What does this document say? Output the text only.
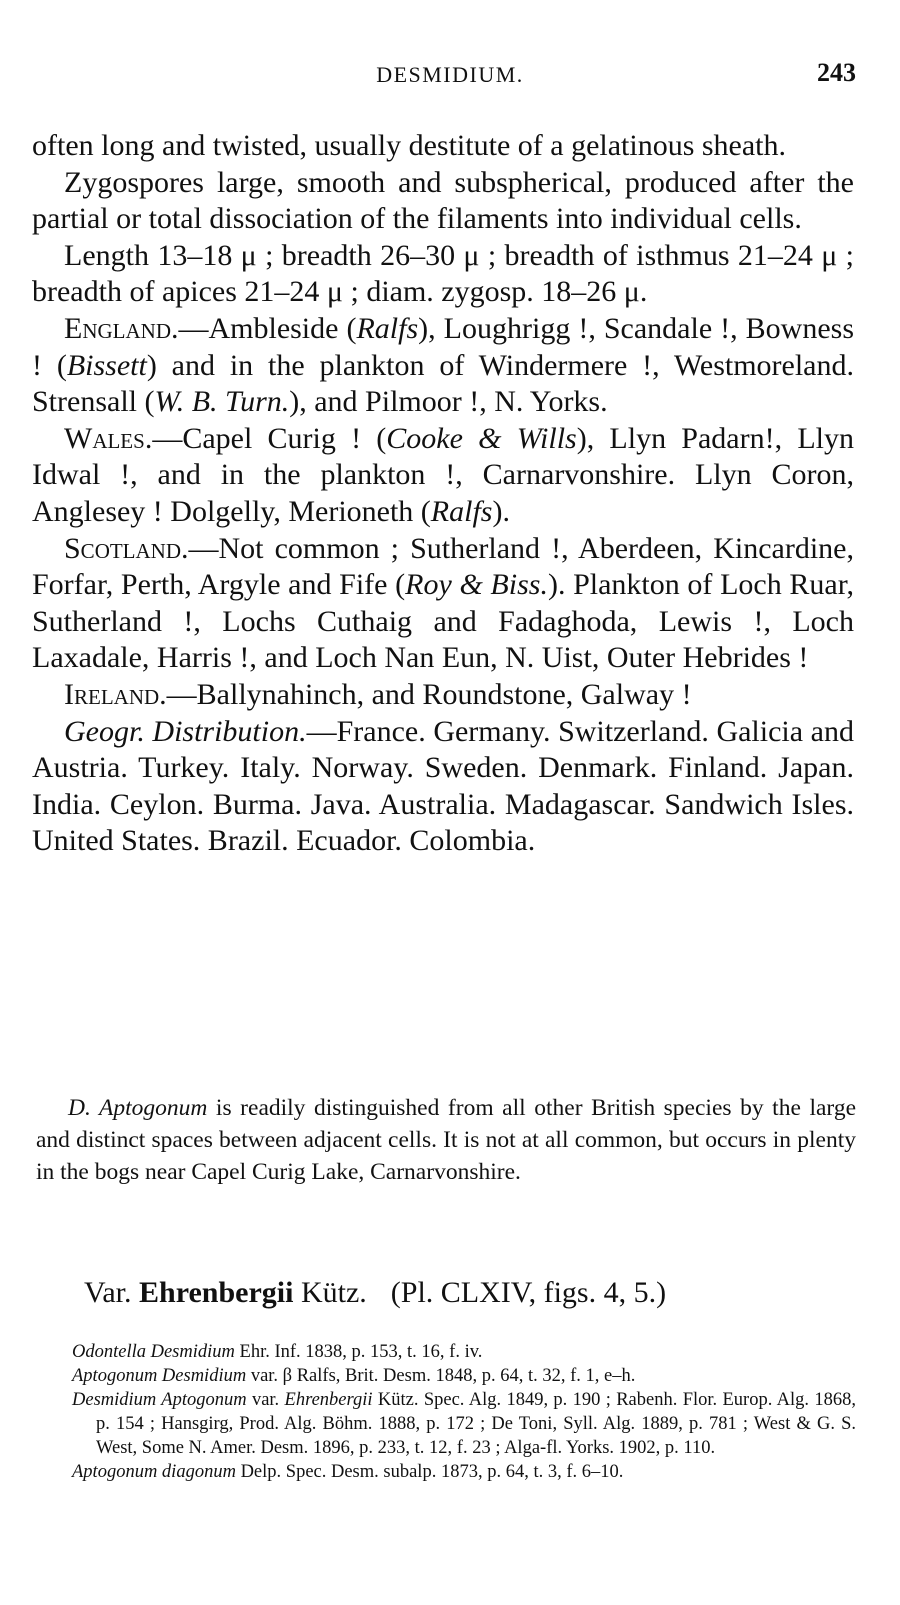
DESMIDIUM.	243

often long and twisted, usually destitute of a gelatinous sheath.

Zygospores large, smooth and subspherical, produced after the partial or total dissociation of the filaments into individual cells.

Length 13–18 μ ; breadth 26–30 μ ; breadth of isthmus 21–24 μ ; breadth of apices 21–24 μ ; diam. zygosp. 18–26 μ.

England.—Ambleside (Ralfs), Loughrigg !, Scandale !, Bowness ! (Bissett) and in the plankton of Windermere !, Westmoreland. Strensall (W. B. Turn.), and Pilmoor !, N. Yorks.

Wales.—Capel Curig ! (Cooke & Wills), Llyn Padarn!, Llyn Idwal !, and in the plankton !, Carnarvonshire. Llyn Coron, Anglesey ! Dolgelly, Merioneth (Ralfs).

Scotland.—Not common ; Sutherland !, Aberdeen, Kincardine, Forfar, Perth, Argyle and Fife (Roy & Biss.). Plankton of Loch Ruar, Sutherland !, Lochs Cuthaig and Fadaghoda, Lewis !, Loch Laxadale, Harris !, and Loch Nan Eun, N. Uist, Outer Hebrides !

Ireland.—Ballynahinch, and Roundstone, Galway !

Geogr. Distribution.—France. Germany. Switzerland. Galicia and Austria. Turkey. Italy. Norway. Sweden. Denmark. Finland. Japan. India. Ceylon. Burma. Java. Australia. Madagascar. Sandwich Isles. United States. Brazil. Ecuador. Colombia.

D. Aptogonum is readily distinguished from all other British species by the large and distinct spaces between adjacent cells. It is not at all common, but occurs in plenty in the bogs near Capel Curig Lake, Carnarvonshire.

Var. Ehrenbergii Kütz. (Pl. CLXIV, figs. 4, 5.)
Odontella Desmidium Ehr. Inf. 1838, p. 153, t. 16, f. iv.
Aptogonum Desmidium var. β Ralfs, Brit. Desm. 1848, p. 64, t. 32, f. 1, e–h.
Desmidium Aptogonum var. Ehrenbergii Kütz. Spec. Alg. 1849, p. 190 ; Rabenh. Flor. Europ. Alg. 1868, p. 154 ; Hansgirg, Prod. Alg. Böhm. 1888, p. 172 ; De Toni, Syll. Alg. 1889, p. 781 ; West & G. S. West, Some N. Amer. Desm. 1896, p. 233, t. 12, f. 23 ; Alga-fl. Yorks. 1902, p. 110.
Aptogonum diagonum Delp. Spec. Desm. subalp. 1873, p. 64, t. 3, f. 6–10.
